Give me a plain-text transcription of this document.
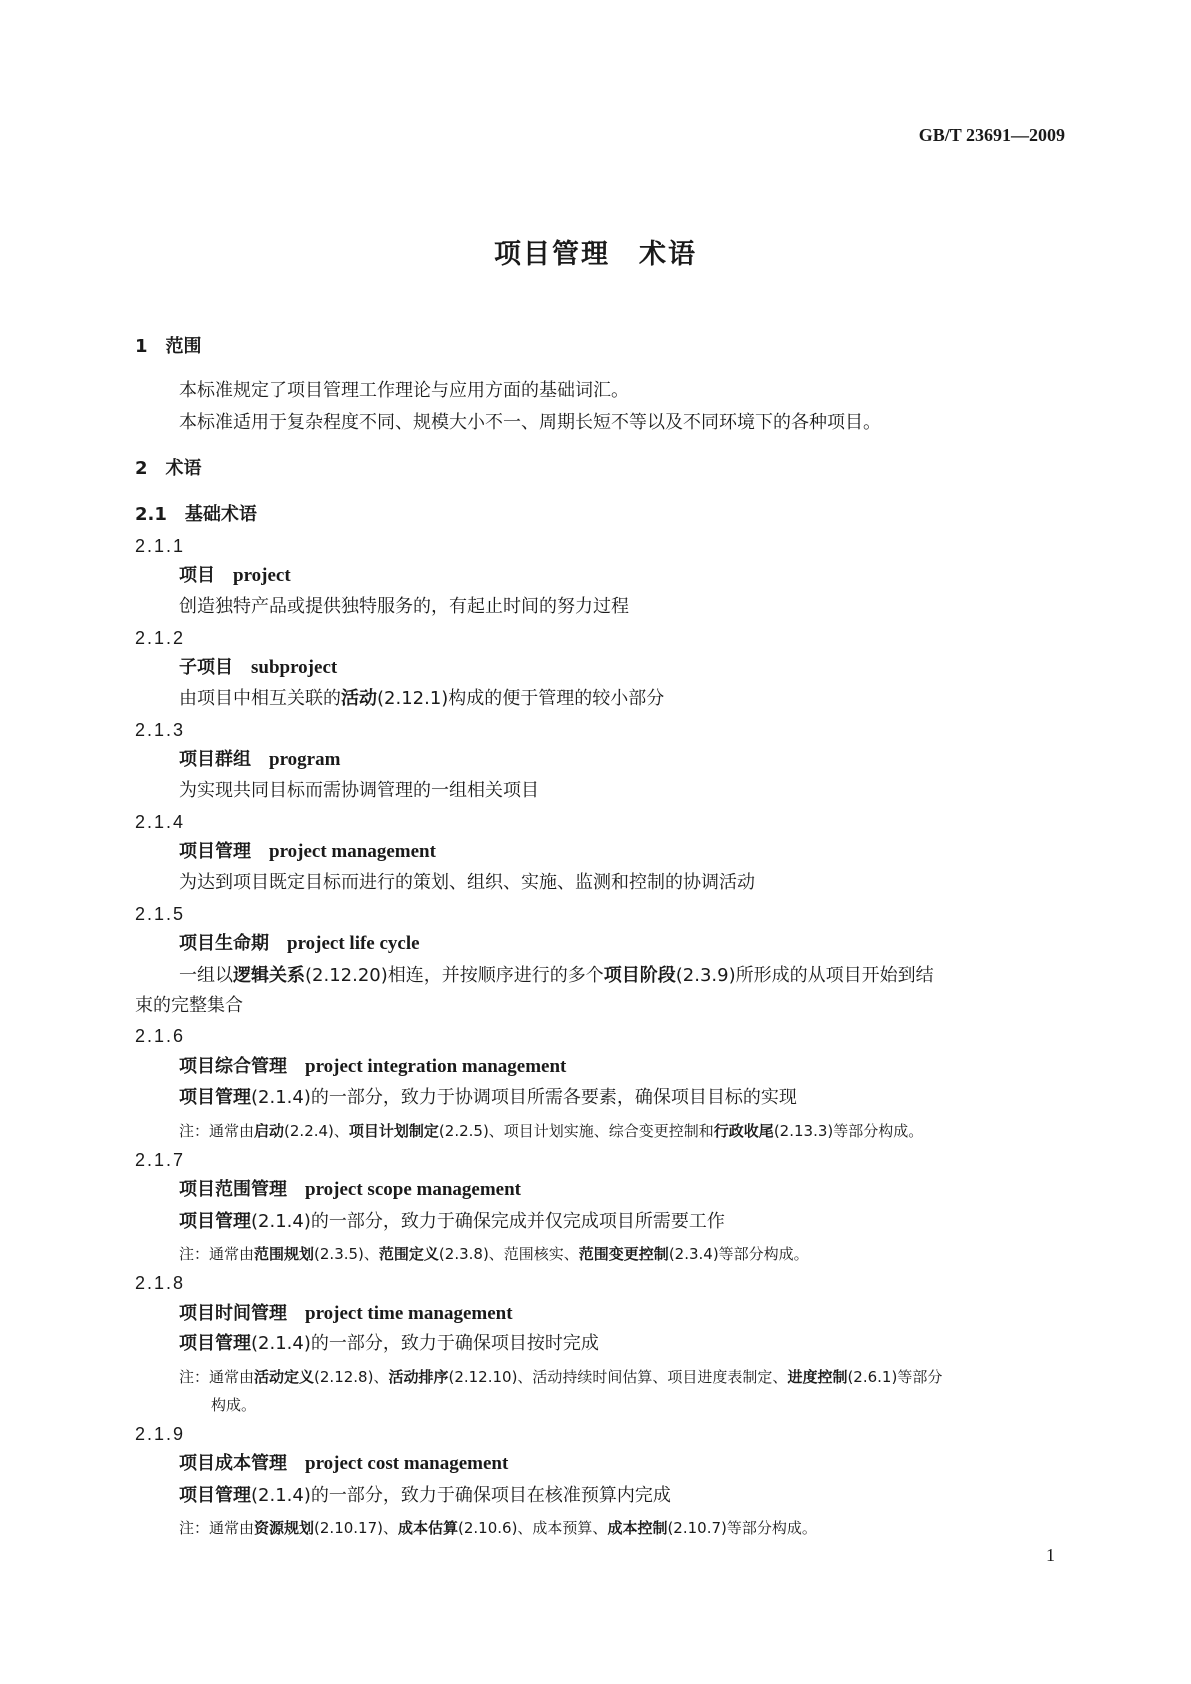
GB/T 23691—2009
项目管理　术语
1　范围
本标准规定了项目管理工作理论与应用方面的基础词汇。
本标准适用于复杂程度不同、规模大小不一、周期长短不等以及不同环境下的各种项目。
2　术语
2.1　基础术语
2.1.1
项目　 project
创造独特产品或提供独特服务的，有起止时间的努力过程
2.1.2
子项目　 subproject
由项目中相互关联的活动(2.12.1)构成的便于管理的较小部分
2.1.3
项目群组　 program
为实现共同目标而需协调管理的一组相关项目
2.1.4
项目管理　 project management
为达到项目既定目标而进行的策划、组织、实施、监测和控制的协调活动
2.1.5
项目生命期　 project life cycle
一组以逻辑关系(2.12.20)相连，并按顺序进行的多个项目阶段(2.3.9)所形成的从项目开始到结
束的完整集合
2.1.6
项目综合管理　 project integration management
项目管理(2.1.4)的一部分，致力于协调项目所需各要素，确保项目目标的实现
注：通常由启动(2.2.4)、项目计划制定(2.2.5)、项目计划实施、综合变更控制和行政收尾(2.13.3)等部分构成。
2.1.7
项目范围管理　 project scope management
项目管理(2.1.4)的一部分，致力于确保完成并仅完成项目所需要工作
注：通常由范围规划(2.3.5)、范围定义(2.3.8)、范围核实、范围变更控制(2.3.4)等部分构成。
2.1.8
项目时间管理　 project time management
项目管理(2.1.4)的一部分，致力于确保项目按时完成
注：通常由活动定义(2.12.8)、活动排序(2.12.10)、活动持续时间估算、项目进度表制定、进度控制(2.6.1)等部分
构成。
2.1.9
项目成本管理　 project cost management
项目管理(2.1.4)的一部分，致力于确保项目在核准预算内完成
注：通常由资源规划(2.10.17)、成本估算(2.10.6)、成本预算、成本控制(2.10.7)等部分构成。
1
